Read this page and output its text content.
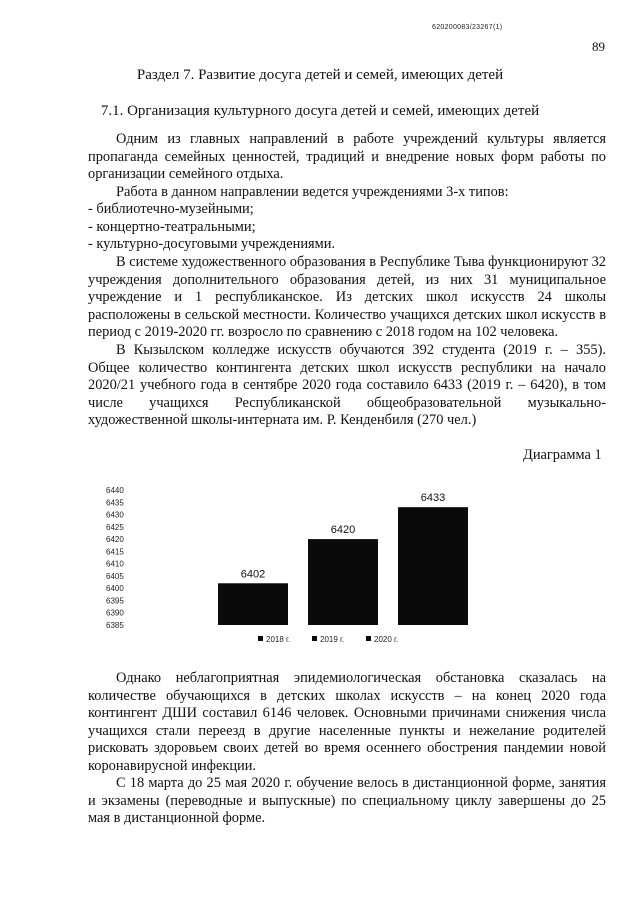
620200083/23267(1)
89
Раздел 7. Развитие досуга детей и семей, имеющих детей
7.1. Организация культурного досуга детей и семей, имеющих детей

Одним из главных направлений в работе учреждений культуры является пропаганда семейных ценностей, традиций и внедрение новых форм работы по организации семейного отдыха.

Работа в данном направлении ведется учреждениями 3-х типов:
- библиотечно-музейными;
- концертно-театральными;
- культурно-досуговыми учреждениями.

В системе художественного образования в Республике Тыва функционируют 32 учреждения дополнительного образования детей, из них 31 муниципальное учреждение и 1 республиканское. Из детских школ искусств 24 школы расположены в сельской местности. Количество учащихся детских школ искусств в период с 2019-2020 гг. возросло по сравнению с 2018 годом на 102 человека.

В Кызылском колледже искусств обучаются 392 студента (2019 г. – 355). Общее количество контингента детских школ искусств республики на начало 2020/21 учебного года в сентябре 2020 года составило 6433 (2019 г. – 6420), в том числе учащихся Республиканской общеобразовательной музыкально-художественной школы-интерната им. Р. Кенденбиля (270 чел.)

Диаграмма 1
6385
6390
6395
6400
6405
6410
6415
6420
6425
6430
6435
6440
6402
6420
6433
2018 г.	2019 г.	2020 г.

Однако неблагоприятная эпидемиологическая обстановка сказалась на количестве обучающихся в детских школах искусств – на конец 2020 года контингент ДШИ составил 6146 человек. Основными причинами снижения числа учащихся стали переезд в другие населенные пункты и нежелание родителей рисковать здоровьем своих детей во время осеннего обострения пандемии новой коронавирусной инфекции.

С 18 марта до 25 мая 2020 г. обучение велось в дистанционной форме, занятия и экзамены (переводные и выпускные) по специальному циклу завершены до 25 мая в дистанционной форме.
